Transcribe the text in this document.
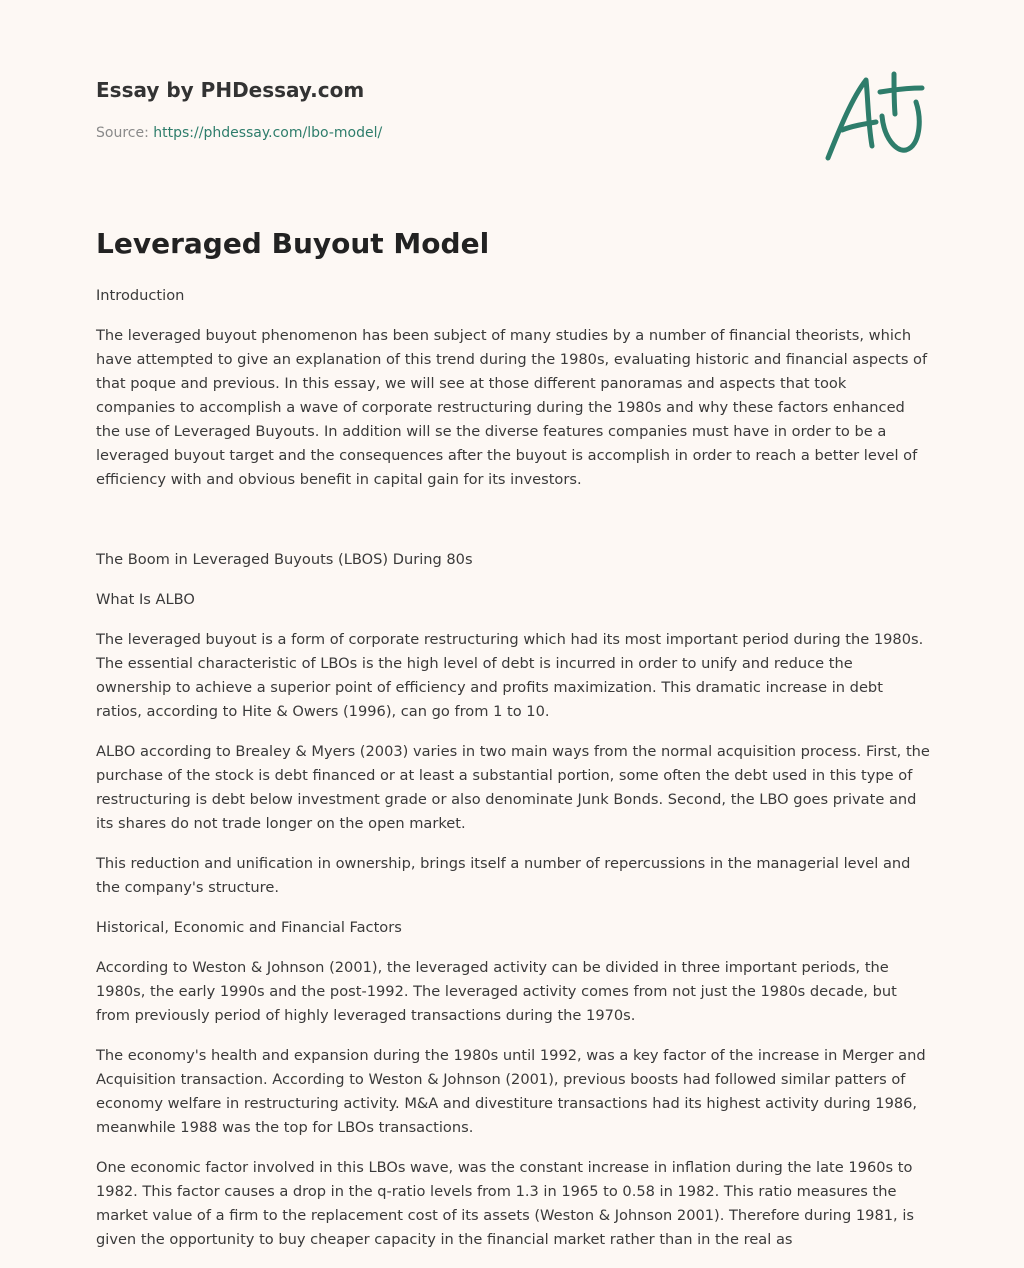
Essay by PHDessay.com
Source: https://phdessay.com/lbo-model/
Leveraged Buyout Model

Introduction

The leveraged buyout phenomenon has been subject of many studies by a number of financial theorists, which have attempted to give an explanation of this trend during the 1980s, evaluating historic and financial aspects of that poque and previous. In this essay, we will see at those different panoramas and aspects that took companies to accomplish a wave of corporate restructuring during the 1980s and why these factors enhanced the use of Leveraged Buyouts. In addition will se the diverse features companies must have in order to be a leveraged buyout target and the consequences after the buyout is accomplish in order to reach a better level of efficiency with and obvious benefit in capital gain for its investors.

The Boom in Leveraged Buyouts (LBOS) During 80s

What Is ALBO

The leveraged buyout is a form of corporate restructuring which had its most important period during the 1980s. The essential characteristic of LBOs is the high level of debt is incurred in order to unify and reduce the ownership to achieve a superior point of efficiency and profits maximization. This dramatic increase in debt ratios, according to Hite & Owers (1996), can go from 1 to 10.

ALBO according to Brealey & Myers (2003) varies in two main ways from the normal acquisition process. First, the purchase of the stock is debt financed or at least a substantial portion, some often the debt used in this type of restructuring is debt below investment grade or also denominate Junk Bonds. Second, the LBO goes private and its shares do not trade longer on the open market.

This reduction and unification in ownership, brings itself a number of repercussions in the managerial level and the company's structure.

Historical, Economic and Financial Factors

According to Weston & Johnson (2001), the leveraged activity can be divided in three important periods, the 1980s, the early 1990s and the post-1992. The leveraged activity comes from not just the 1980s decade, but from previously period of highly leveraged transactions during the 1970s.

The economy's health and expansion during the 1980s until 1992, was a key factor of the increase in Merger and Acquisition transaction. According to Weston & Johnson (2001), previous boosts had followed similar patters of economy welfare in restructuring activity. M&A and divestiture transactions had its highest activity during 1986, meanwhile 1988 was the top for LBOs transactions.

One economic factor involved in this LBOs wave, was the constant increase in inflation during the late 1960s to 1982. This factor causes a drop in the q-ratio levels from 1.3 in 1965 to 0.58 in 1982. This ratio measures the market value of a firm to the replacement cost of its assets (Weston & Johnson 2001). Therefore during 1981, is given the opportunity to buy cheaper capacity in the financial market rather than in the real as
